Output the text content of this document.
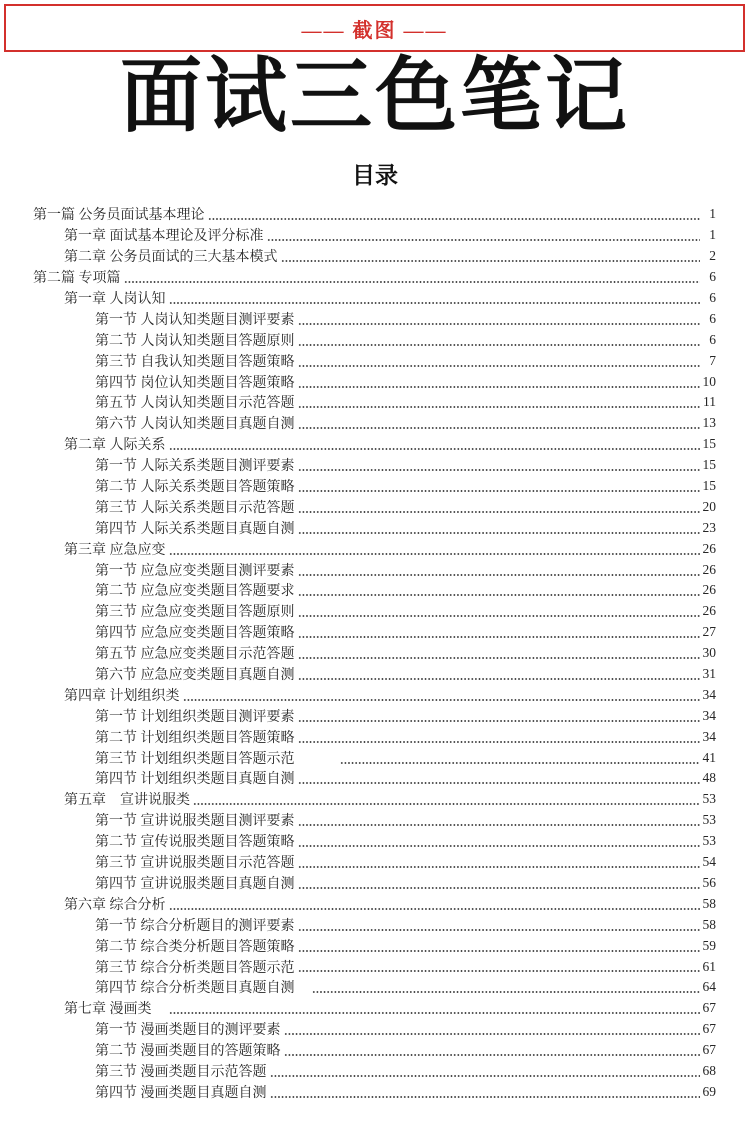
—— 截图 ——
面试三色笔记
目录
第一篇 公务员面试基本理论	1
第一章 面试基本理论及评分标准	1
第二章 公务员面试的三大基本模式	2
第二篇 专项篇	6
第一章 人岗认知	6
第一节 人岗认知类题目测评要素	6
第二节 人岗认知类题目答题原则	6
第三节 自我认知类题目答题策略	7
第四节 岗位认知类题目答题策略	10
第五节 人岗认知类题目示范答题	11
第六节 人岗认知类题目真题自测	13
第二章 人际关系	15
第一节 人际关系类题目测评要素	15
第二节 人际关系类题目答题策略	15
第三节 人际关系类题目示范答题	20
第四节 人际关系类题目真题自测	23
第三章 应急应变	26
第一节 应急应变类题目测评要素	26
第二节 应急应变类题目答题要求	26
第三节 应急应变类题目答题原则	26
第四节 应急应变类题目答题策略	27
第五节 应急应变类题目示范答题	30
第六节 应急应变类题目真题自测	31
第四章 计划组织类	34
第一节 计划组织类题目测评要素	34
第二节 计划组织类题目答题策略	34
第三节 计划组织类题目答题示范　　　	41
第四节 计划组织类题目真题自测	48
第五章　宣讲说服类	53
第一节 宣讲说服类题目测评要素	53
第二节 宣传说服类题目答题策略	53
第三节 宣讲说服类题目示范答题	54
第四节 宣讲说服类题目真题自测	56
第六章 综合分析	58
第一节 综合分析题目的测评要素	58
第二节 综合类分析题目答题策略	59
第三节 综合分析类题目答题示范	61
第四节 综合分析类题目真题自测　	64
第七章 漫画类　	67
第一节 漫画类题目的测评要素	67
第二节 漫画类题目的答题策略	67
第三节 漫画类题目示范答题	68
第四节 漫画类题目真题自测	69
